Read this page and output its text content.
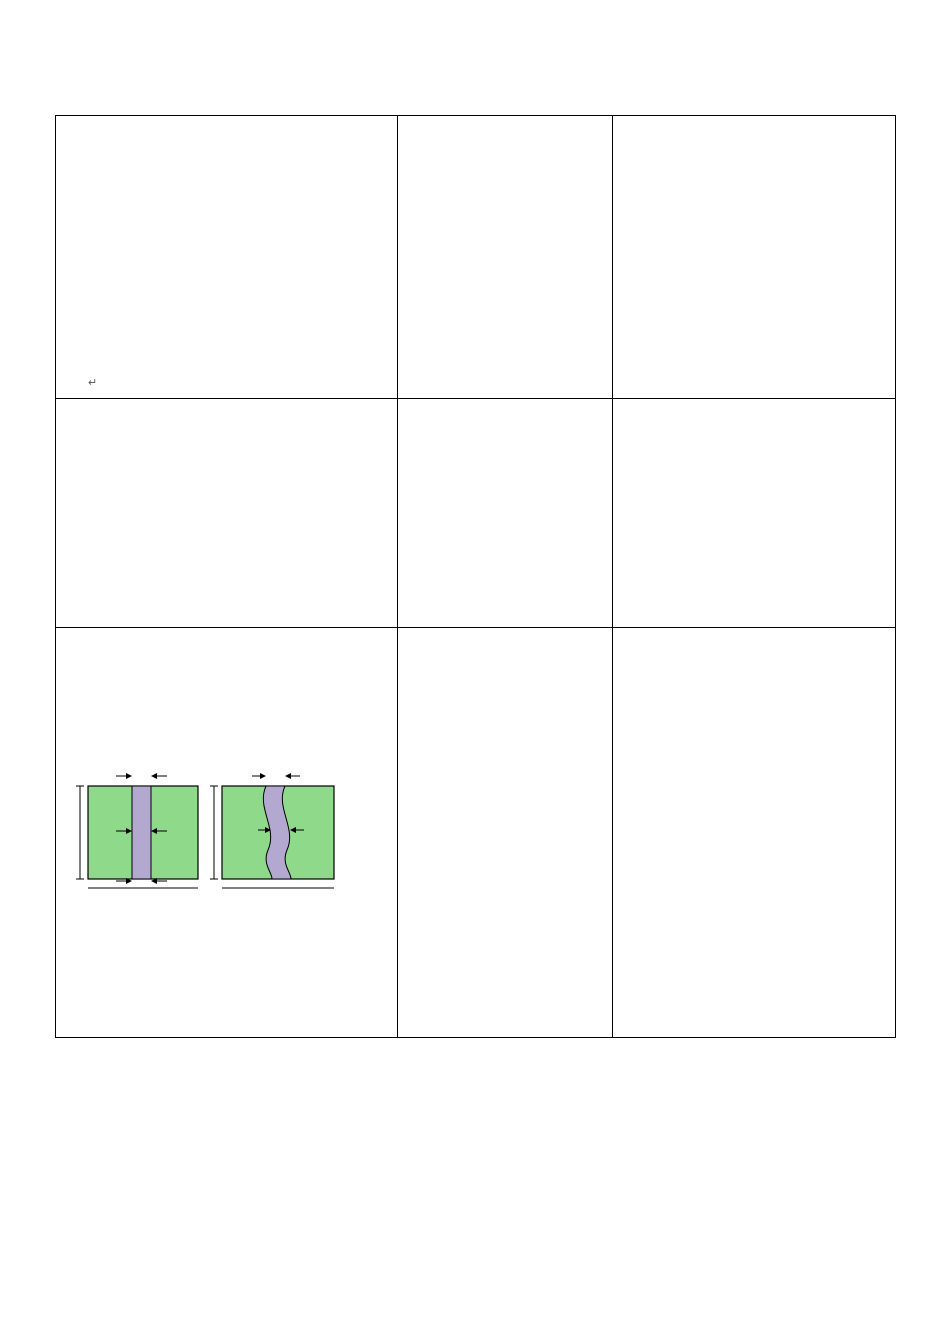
↵		
